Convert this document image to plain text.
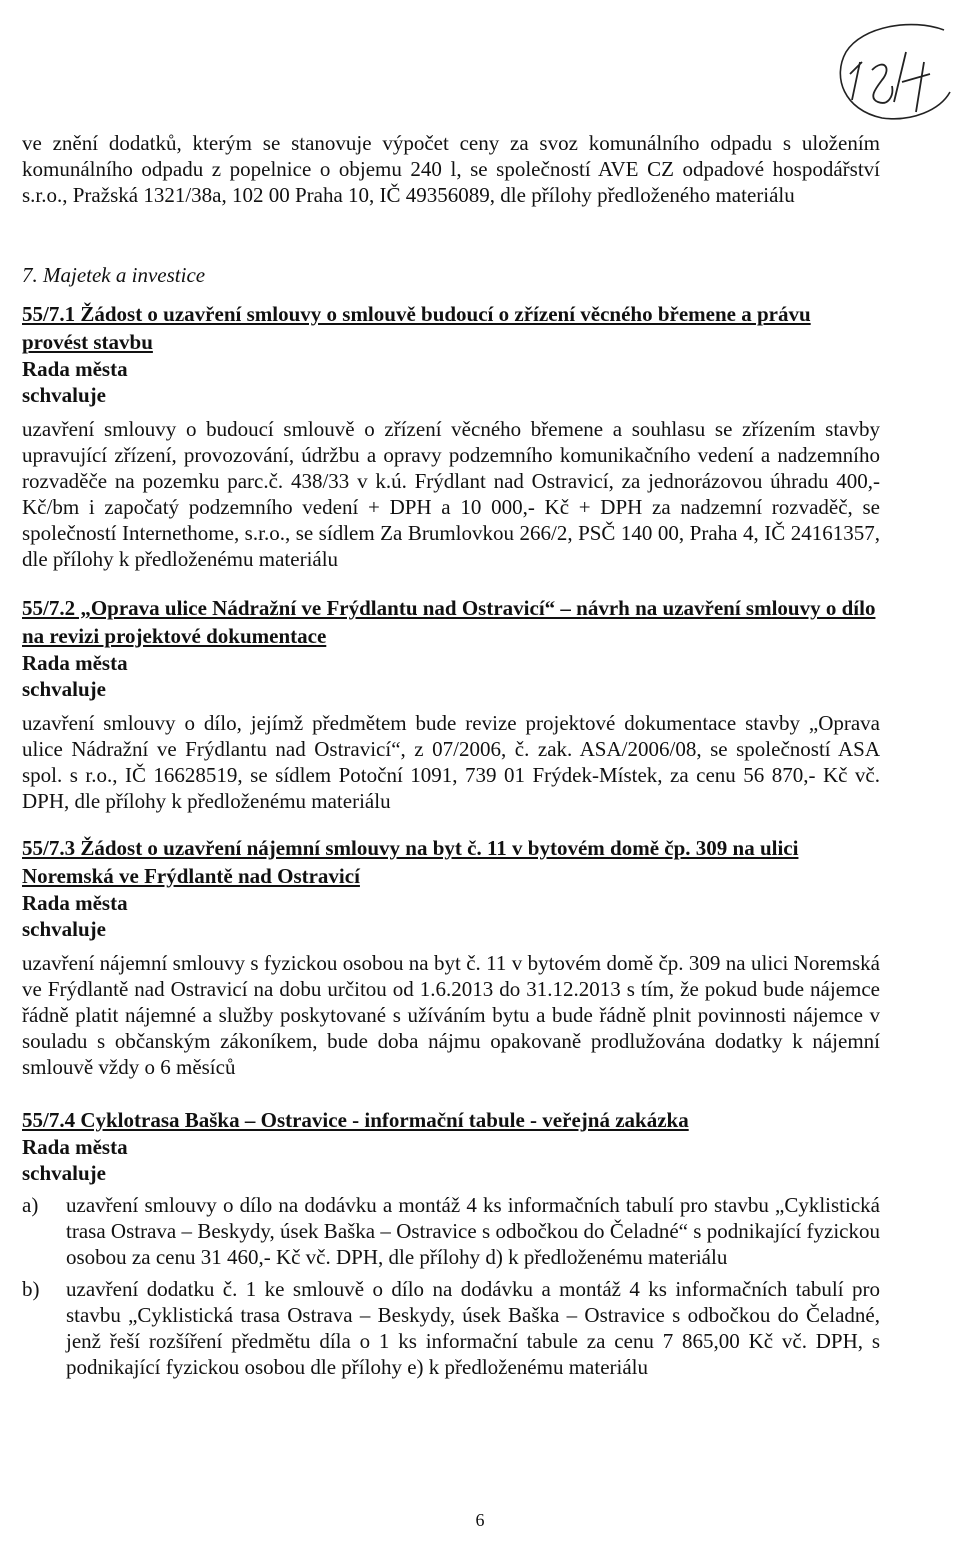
ve znění dodatků, kterým se stanovuje výpočet ceny za svoz komunálního odpadu s uložením komunálního odpadu z popelnice o objemu 240 l, se společností AVE CZ odpadové hospodářství s.r.o., Pražská 1321/38a, 102 00 Praha 10, IČ 49356089, dle přílohy předloženého materiálu

7. Majetek a investice

55/7.1 Žádost o uzavření smlouvy o smlouvě budoucí o zřízení věcného břemene a právu provést stavbu

Rada města

schvaluje

uzavření smlouvy o budoucí smlouvě o zřízení věcného břemene a souhlasu se zřízením stavby upravující zřízení, provozování, údržbu a opravy podzemního komunikačního vedení a nadzemního rozvaděče na pozemku parc.č. 438/33 v k.ú. Frýdlant nad Ostravicí, za jednorázovou úhradu 400,- Kč/bm i započatý podzemního vedení + DPH a 10 000,- Kč + DPH za nadzemní rozvaděč, se společností Internethome, s.r.o., se sídlem Za Brumlovkou 266/2, PSČ 140 00, Praha 4, IČ 24161357, dle přílohy k předloženému materiálu

55/7.2 „Oprava ulice Nádražní ve Frýdlantu nad Ostravicí“ – návrh na uzavření smlouvy o dílo na revizi projektové dokumentace

Rada města

schvaluje

uzavření smlouvy o dílo, jejímž předmětem bude revize projektové dokumentace stavby „Oprava ulice Nádražní ve Frýdlantu nad Ostravicí“, z 07/2006, č. zak. ASA/2006/08, se společností ASA spol. s r.o., IČ 16628519, se sídlem Potoční 1091, 739 01 Frýdek-Místek, za cenu 56 870,- Kč vč. DPH, dle přílohy k předloženému materiálu

55/7.3 Žádost o uzavření nájemní smlouvy na byt č. 11 v bytovém domě čp. 309 na ulici Noremská ve Frýdlantě nad Ostravicí

Rada města

schvaluje

uzavření nájemní smlouvy s fyzickou osobou na byt č. 11 v bytovém domě čp. 309 na ulici Noremská ve Frýdlantě nad Ostravicí na dobu určitou od 1.6.2013 do 31.12.2013 s tím, že pokud bude nájemce řádně platit nájemné a služby poskytované s užíváním bytu a bude řádně plnit povinnosti nájemce v souladu s občanským zákoníkem, bude doba nájmu opakovaně prodlužována dodatky k nájemní smlouvě vždy o 6 měsíců

55/7.4 Cyklotrasa Baška – Ostravice - informační tabule - veřejná zakázka

Rada města

schvaluje

a) uzavření smlouvy o dílo na dodávku a montáž 4 ks informačních tabulí pro stavbu „Cyklistická trasa Ostrava – Beskydy, úsek Baška – Ostravice s odbočkou do Čeladné“ s podnikající fyzickou osobou za cenu 31 460,- Kč vč. DPH, dle přílohy d) k předloženému materiálu

b) uzavření dodatku č. 1 ke smlouvě o dílo na dodávku a montáž 4 ks informačních tabulí pro stavbu „Cyklistická trasa Ostrava – Beskydy, úsek Baška – Ostravice s odbočkou do Čeladné, jenž řeší rozšíření předmětu díla o 1 ks informační tabule za cenu 7 865,00 Kč vč. DPH, s podnikající fyzickou osobou dle přílohy e) k předloženému materiálu

6
